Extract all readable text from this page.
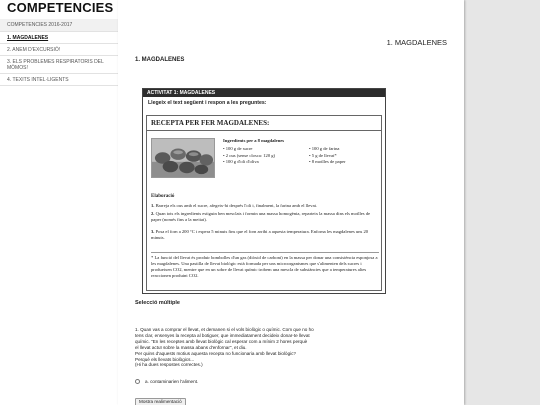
COMPETENCIES
COMPETENCIES 2016-2017
1. MAGDALENES
2. ANEM D'EXCURSIÓ!
3. ELS PROBLEMES RESPIRATORIS DEL MÒMOS!
4. TEXITS INTEL·LIGENTS
1. MAGDALENES
1. MAGDALENES
ACTIVITAT 1: MAGDALENES
Llegeix el text següent i respon a les preguntes:
RECEPTA PER FER MAGDALENES:
Ingredients per a 8 magdalenes
• 100 g de sucre
• 2 ous (sense closca: 120 g)
• 100 g d'oli d'oliva
• 100 g de farina
• 5 g de llevat*
• 8 motlles de paper
Elaboració
1. Barreja els ous amb el sucre, afegeix-hi després l'oli i, finalment, la farina amb el llevat.
2. Quan tots els ingredients estiguin ben mesclats i formin una massa homogènia, reparteix la massa dins els motlles de paper (només fins a la meitat).
3. Posa el forn a 200 °C i espera 5 minuts fins que el forn arribi a aquesta temperatura. Enforna les magdalenes uns 20 minuts.
* La funció del llevat és produir bombolles d'un gas (diòxid de carboni) en la massa per donar una consistència esponjosa a les magdalenes. Una pastilla de llevat biològic està formada per uns microorganismes que s'alimenten dels sucres i produeixen CO2, mentre que en un sobre de llevat químic trobem una mescla de substàncies que a temperatures altes reaccionen produint CO2.
Selecció múltiple
1. Quan vas a comprar el llevat, et demanen si el vols biològic o químic. Com que no ho
tens clar, ensenyes la recepta al botiguer, que immediatament decideix donar-te llevat
químic. "En les receptes amb llevat biològic cal esperar com a mínim 2 hores perquè
el llevat actuï sobre la massa abans d'enfornar", et diu.
Per quins d'aquests motius aquesta recepta no funcionaria amb llevat biològic?
Perquè els llevats biològics...
(Hi ha dues respostes correctes.)
a. contaminarien l'aliment.
Mostra realimentació
